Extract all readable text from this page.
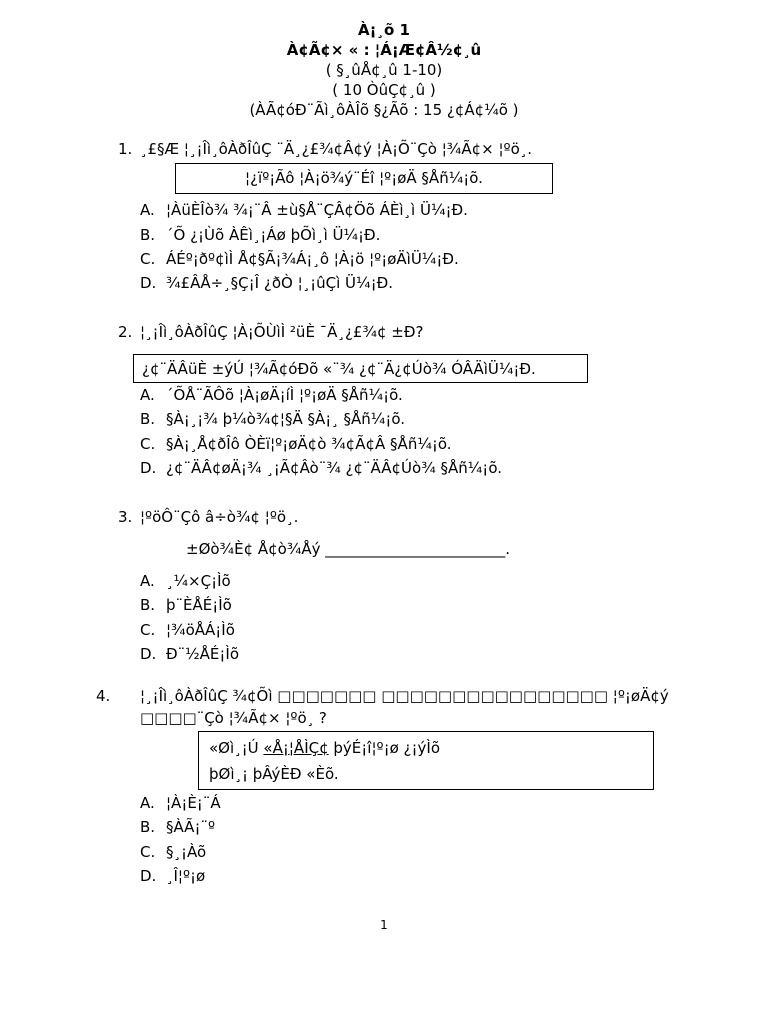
À¡¸õ 1
À¢Ã¢× « : ¦Á¡Æ¢Â½¢¸û
( §¸ûÅ¢¸û 1-10)
( 10 ÒûÇ¢¸û )
(ÀÃ¢óÐ¨Ãì¸ôÀÎõ §¿Ãõ : 15 ¿¢Á¢¼õ )
1. ¸£§Æ ¦¸¡Îì¸ôÀðÎûÇ ¨Ä¸¿£¾¢Â¢ý ¦À¡Õ¨Çò ¦¾Ã¢× ¦ºö¸.
¦¿ïº¡Ãô ¦À¡ö¾ý¨Éî ¦º¡øÄ §Åñ¼¡õ.
A. ¦ÀüÈÎò¾ ¾¡¨Â ±ù§Å¨ÇÂ¢Öõ ÁÈì¸ì Ü¼¡Ð.
B. ´Õ ¿¡Ùõ ÀÊì¸¡Áø þÕì¸ì Ü¼¡Ð.
C. ÁÉº¡ðº¢ìÌ Å¢§Ã¡¾Á¡¸ô ¦À¡ö ¦º¡øÄìÜ¼¡Ð.
D. ¾£ÂÅ÷¸§Ç¡Î ¿ðÒ ¦¸¡ûÇì Ü¼¡Ð.
2. ¦¸¡Îì¸ôÀðÎûÇ ¦À¡ÕÙìÌ ²üÈ ¯Ä¸¿£¾¢ ±Ð?
¿¢¨ÄÂüÈ ±ýÚ ¦¾Ã¢óÐõ «¨¾ ¿¢¨Ä¿¢Úò¾ ÓÂÄìÜ¼¡Ð.
A. ´ÕÅ¨ÃÔõ ¦À¡øÄ¡íÌ ¦º¡øÄ §Åñ¼¡õ.
B. §À¡¸¡¾ þ¼ò¾¢¦§Ä §À¡¸ §Åñ¼¡õ.
C. §À¡¸Å¢ðÎô ÒÈï¦º¡øÄ¢ò ¾¢Ã¢Â §Åñ¼¡õ.
D. ¿¢¨ÄÂ¢øÄ¡¾ ¸¡Ã¢Âò¨¾ ¿¢¨ÄÂ¢Úò¾ §Åñ¼¡õ.
3. ¦ºöÔ¨Çô â÷ò¾¢ ¦ºö¸.
±Øò¾È¢ Å¢ò¾Åý ________________________.
A. ¸¼×Ç¡Ìõ
B. þ¨ÈÅÉ¡Ìõ
C. ¦¾öÅÁ¡Ìõ
D. Ð¨½ÅÉ¡Ìõ
4. ¦¸¡Îì¸ôÀðÎûÇ ¾¢Õì □□□□□□□ □□□□□□□□□□□□□□□□ ¦º¡øÄ¢ý □□□□¨Çò ¦¾Ã¢× ¦ºö¸ ?
«Øì¸¡Ú «Å¡¦ÅÌÇ¢ þýÉ¡î¦º¡ø ¿¡ýÌõ
þØì¸¡ þÂýÈÐ «Èõ.
A. ¦À¡È¡¨Á
B. §ÀÃ¡¨º
C. §¸¡Àõ
D. ¸Î¦º¡ø
1
